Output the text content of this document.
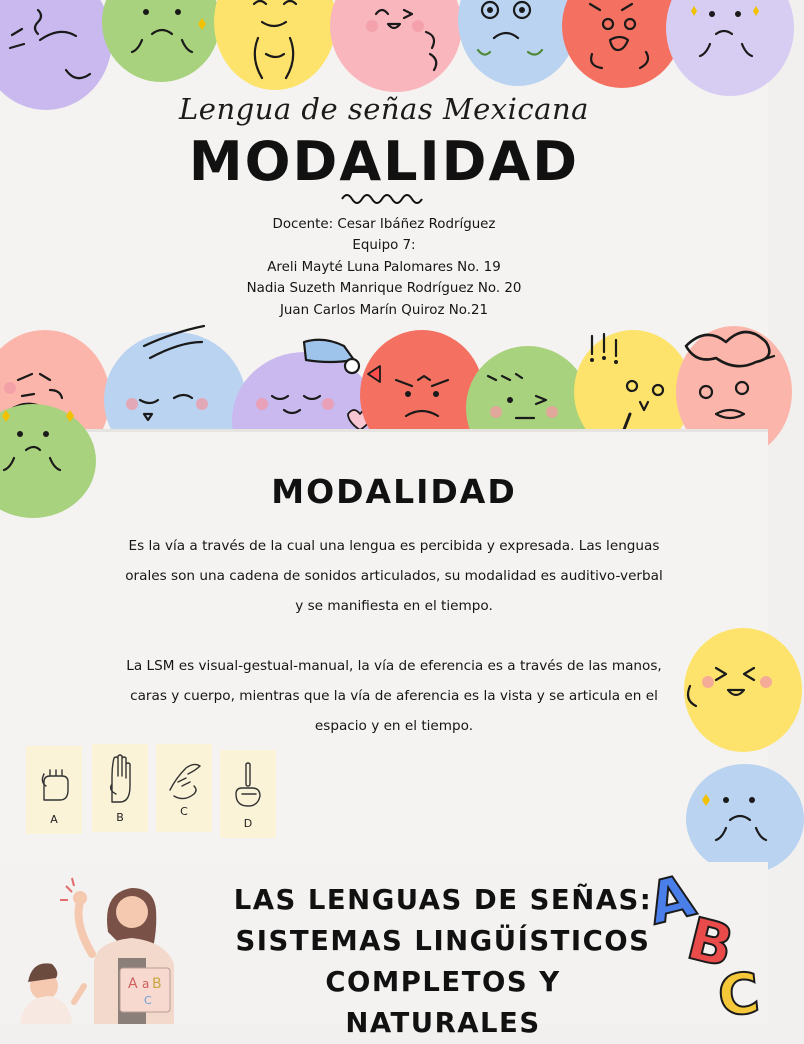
Lengua de señas Mexicana
MODALIDAD
Docente: Cesar Ibáñez Rodríguez
Equipo 7:
Areli Mayté Luna Palomares No. 19
Nadia Suzeth Manrique Rodríguez No. 20
Juan Carlos Marín Quiroz No.21
MODALIDAD
Es la vía a través de la cual una lengua es percibida y expresada. Las lenguas orales son una cadena de sonidos articulados, su modalidad es auditivo-verbal y se manifiesta en el tiempo.
La LSM es visual-gestual-manual, la vía de eferencia es a través de las manos, caras y cuerpo, mientras que la vía de aferencia es la vista y se articula en el espacio y en el tiempo.
A	B	C
D
A a B
C
LAS LENGUAS DE SEÑAS:
SISTEMAS LINGÜÍSTICOS
COMPLETOS Y NATURALES
A
B
C
